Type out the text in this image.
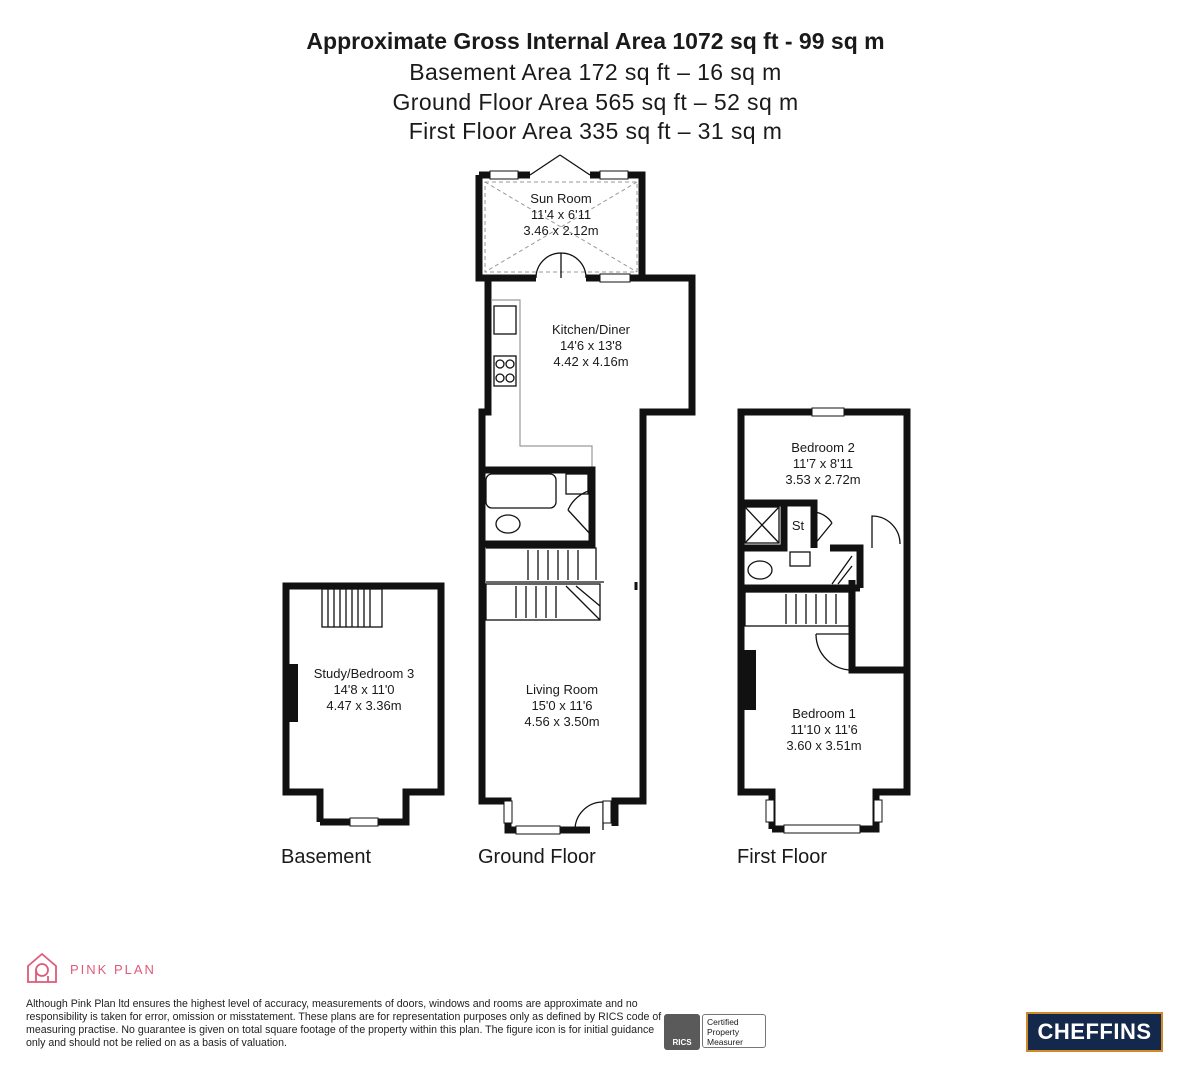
Approximate Gross Internal Area 1072 sq ft - 99 sq m
Basement Area 172 sq ft – 16 sq m
Ground Floor Area 565 sq ft – 52 sq m
First Floor Area 335 sq ft – 31 sq m
Study/Bedroom 3
14'8 x 11'0
4.47 x 3.36m
Sun Room
11'4 x 6'11
3.46 x 2.12m
Kitchen/Diner
14'6 x 13'8
4.42 x 4.16m
Living Room
15'0 x 11'6
4.56 x 3.50m
Bedroom 2
11'7 x 8'11
3.53 x 2.72m
St
Bedroom 1
11'10 x 11'6
3.60 x 3.51m
Basement	Ground Floor	First Floor
PINK PLAN
Although Pink Plan ltd ensures the highest level of accuracy, measurements of doors, windows and rooms are approximate and no responsibility is taken for error, omission or misstatement. These plans are for representation purposes only as defined by RICS code of measuring practise. No guarantee is given on total square footage of the property within this plan. The figure icon is for initial guidance only and should not be relied on as a basis of valuation.	RICS
Certified
Property
Measurer	CHEFFINS
